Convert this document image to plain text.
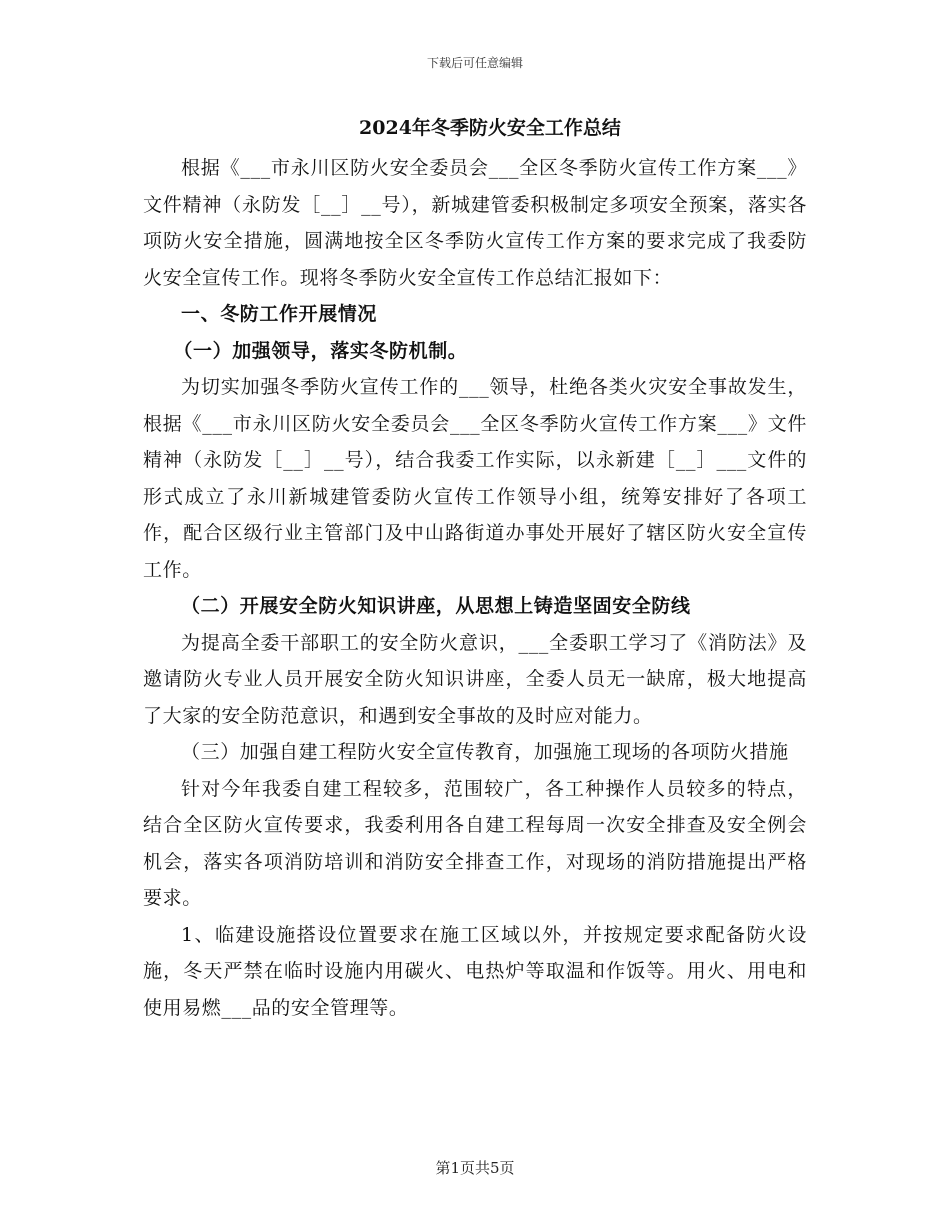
下载后可任意编辑
2024年冬季防火安全工作总结

根据《___市永川区防火安全委员会___全区冬季防火宣传工作方案___》文件精神（永防发［__］__号），新城建管委积极制定多项安全预案，落实各项防火安全措施，圆满地按全区冬季防火宣传工作方案的要求完成了我委防火安全宣传工作。现将冬季防火安全宣传工作总结汇报如下：

一、冬防工作开展情况

（一）加强领导，落实冬防机制。

为切实加强冬季防火宣传工作的___领导，杜绝各类火灾安全事故发生，根据《___市永川区防火安全委员会___全区冬季防火宣传工作方案___》文件精神（永防发［__］__号），结合我委工作实际，以永新建［__］___文件的形式成立了永川新城建管委防火宣传工作领导小组，统筹安排好了各项工作，配合区级行业主管部门及中山路街道办事处开展好了辖区防火安全宣传工作。

（二）开展安全防火知识讲座，从思想上铸造坚固安全防线

为提高全委干部职工的安全防火意识，___全委职工学习了《消防法》及邀请防火专业人员开展安全防火知识讲座，全委人员无一缺席，极大地提高了大家的安全防范意识，和遇到安全事故的及时应对能力。

（三）加强自建工程防火安全宣传教育，加强施工现场的各项防火措施

针对今年我委自建工程较多，范围较广，各工种操作人员较多的特点，结合全区防火宣传要求，我委利用各自建工程每周一次安全排查及安全例会机会，落实各项消防培训和消防安全排查工作，对现场的消防措施提出严格要求。

1、临建设施搭设位置要求在施工区域以外，并按规定要求配备防火设施，冬天严禁在临时设施内用碳火、电热炉等取温和作饭等。用火、用电和使用易燃___品的安全管理等。

第1页共5页
